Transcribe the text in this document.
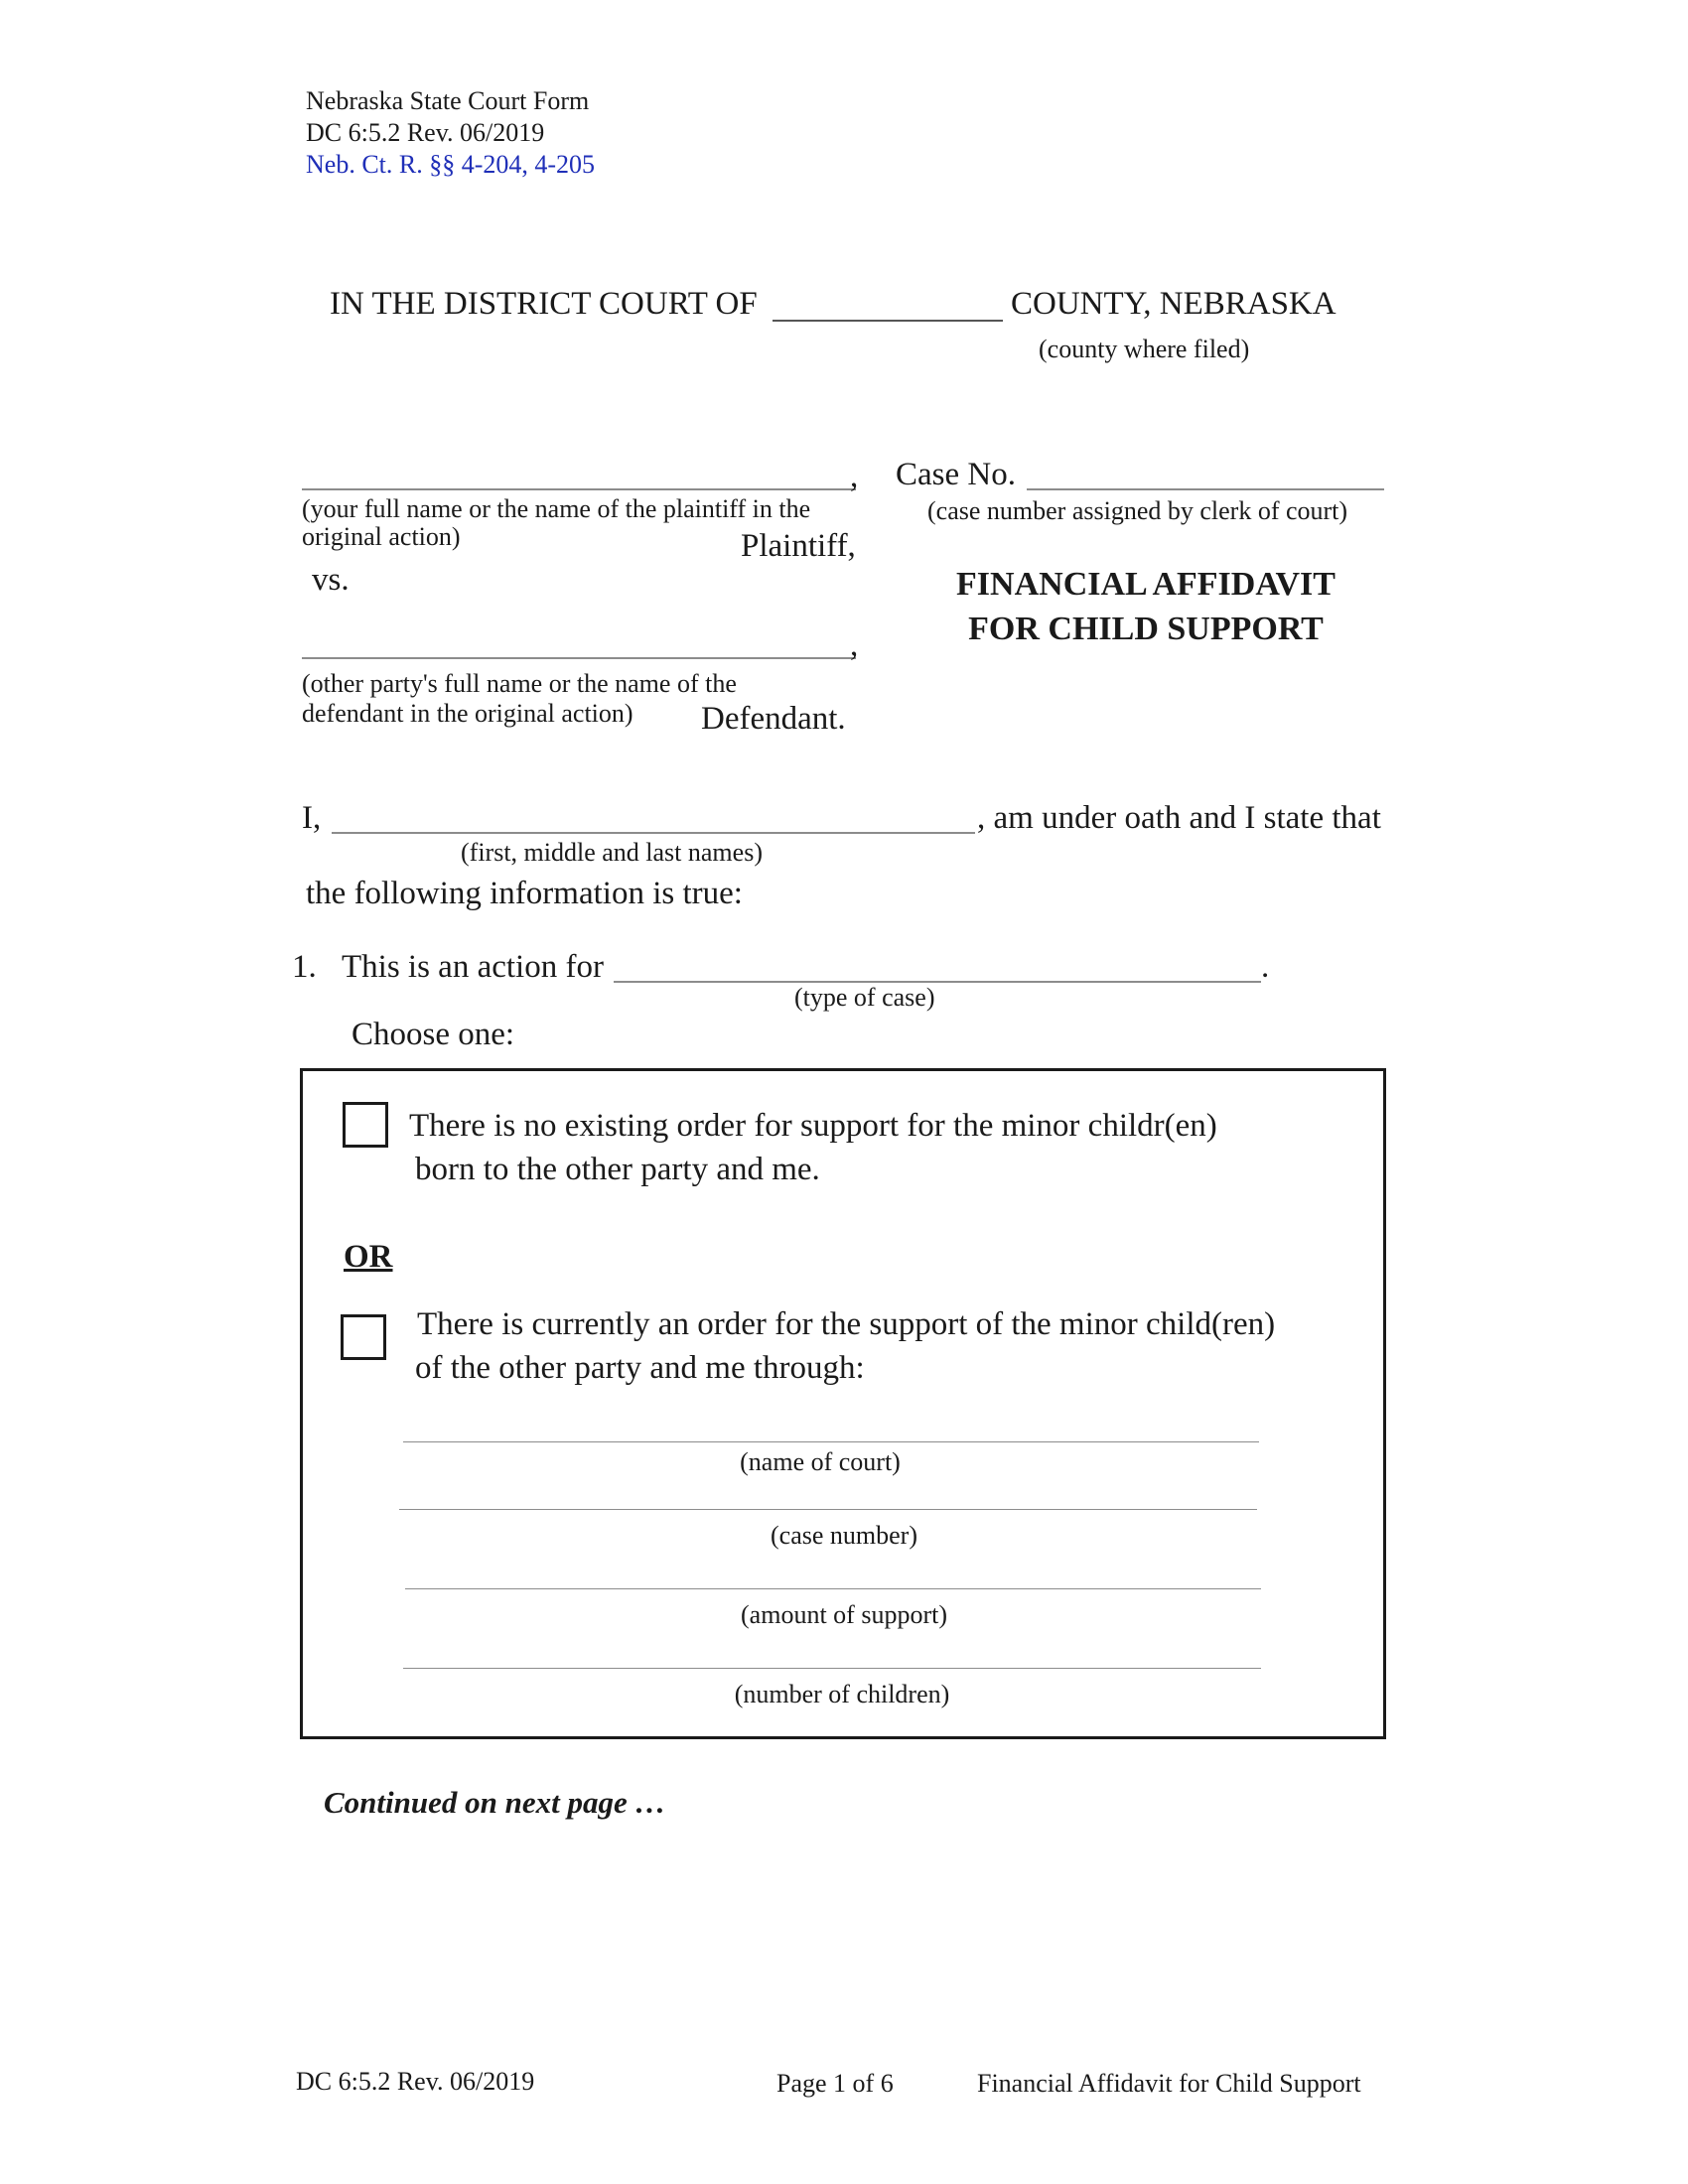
Nebraska State Court Form
DC 6:5.2 Rev. 06/2019
Neb. Ct. R. §§ 4-204, 4-205
IN THE DISTRICT COURT OF	COUNTY, NEBRASKA
(county where filed)
,
(your full name or the name of the plaintiff in the
original action)	Plaintiff,
vs.
,
(other party's full name or the name of the
defendant in the original action) Defendant.
Case No.
(case number assigned by clerk of court)
FINANCIAL AFFIDAVIT
FOR CHILD SUPPORT
I,	, am under oath and I state that
(first, middle and last names)
the following information is true:
1. This is an action for	.
(type of case)
Choose one:
There is no existing order for support for the minor childr(en)
born to the other party and me.
OR
There is currently an order for the support of the minor child(ren)
of the other party and me through:
(name of court)
(case number)
(amount of support)
(number of children)
Continued on next page …
DC 6:5.2 Rev. 06/2019	Page 1 of 6	Financial Affidavit for Child Support
